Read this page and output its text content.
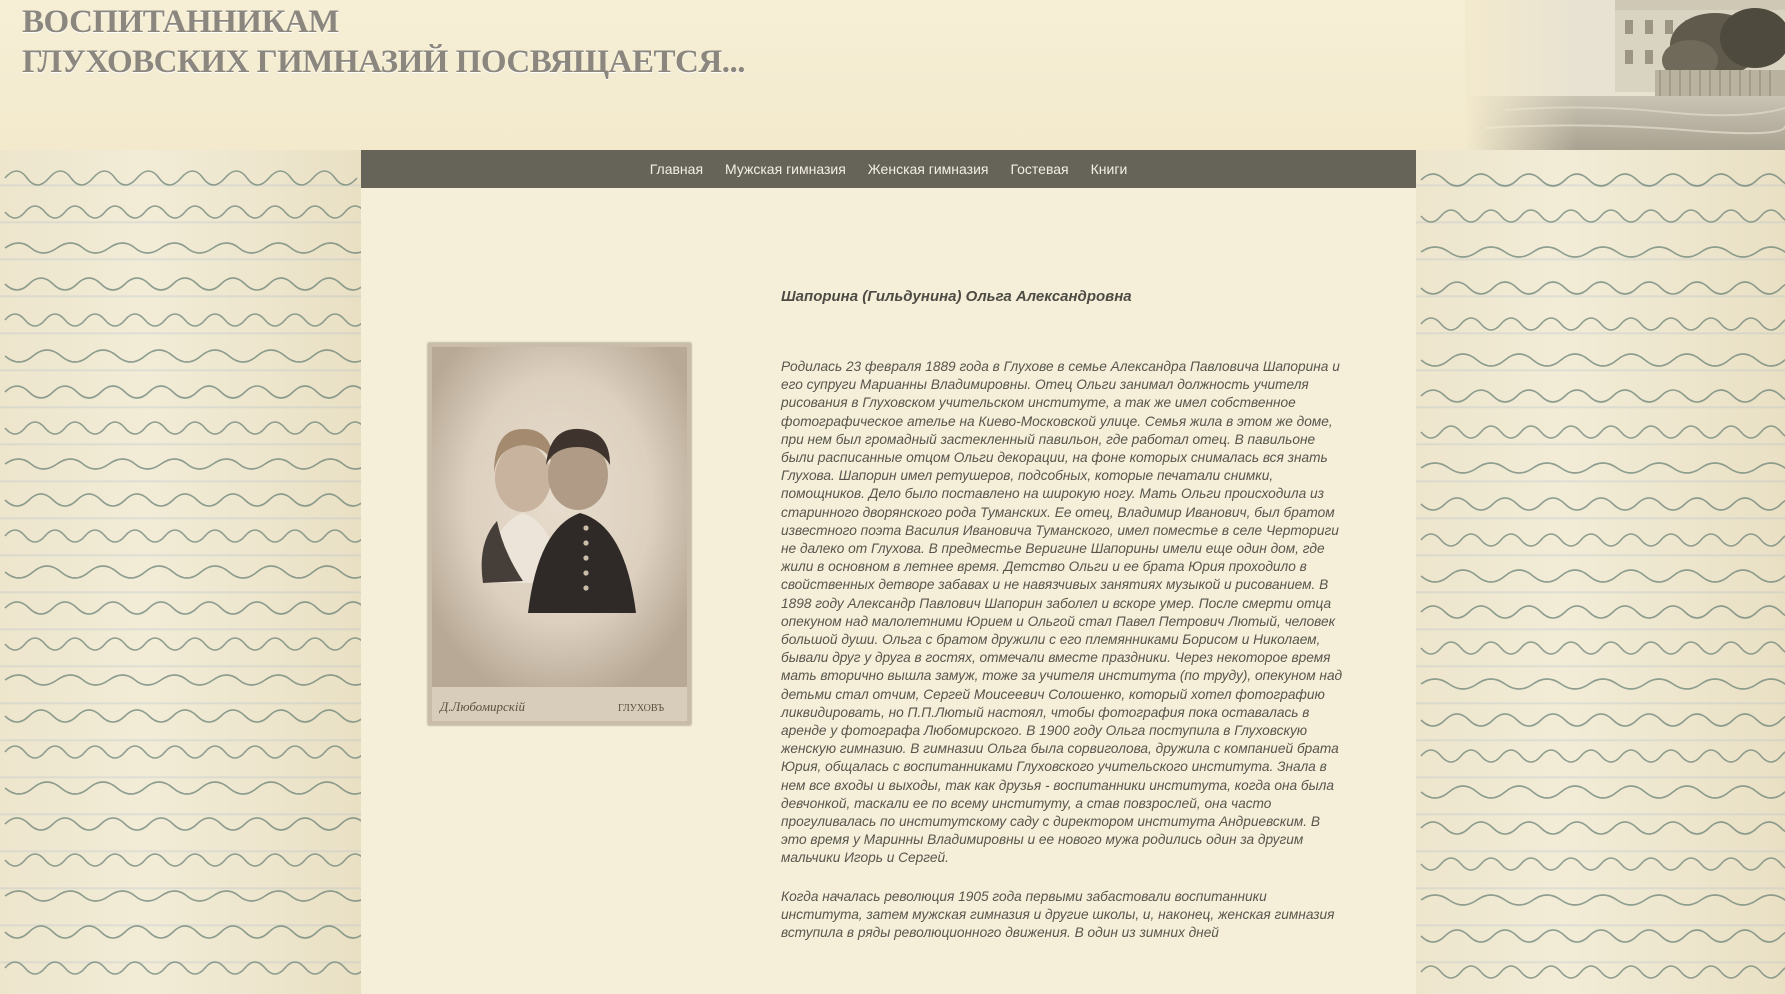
ВОСПИТАННИКАМ
ГЛУХОВСКИХ ГИМНАЗИЙ ПОСВЯЩАЕТСЯ...
Главная Мужская гимназия Женская гимназия Гостевая Книги
Д.Любомирскій	ГЛУХОВЪ
Шапорина (Гильдунина) Ольга Александровна

Родилась 23 февраля 1889 года в Глухове в семье Александра Павловича Шапорина и его супруги Марианны Владимировны. Отец Ольги занимал должность учителя рисования в Глуховском учительском институте, а так же имел собственное фотографическое ателье на Киево-Московской улице. Семья жила в этом же доме, при нем был громадный застекленный павильон, где работал отец. В павильоне были расписанные отцом Ольги декорации, на фоне которых снималась вся знать Глухова. Шапорин имел ретушеров, подсобных, которые печатали снимки, помощников. Дело было поставлено на широкую ногу. Мать Ольги происходила из старинного дворянского рода Туманских. Ее отец, Владимир Иванович, был братом известного поэта Василия Ивановича Туманского, имел поместье в селе Черториги не далеко от Глухова. В предместье Веригине Шапорины имели еще один дом, где жили в основном в летнее время. Детство Ольги и ее брата Юрия проходило в свойственных детворе забавах и не навязчивых занятиях музыкой и рисованием. В 1898 году Александр Павлович Шапорин заболел и вскоре умер. После смерти отца опекуном над малолетними Юрием и Ольгой стал Павел Петрович Лютый, человек большой души. Ольга с братом дружили с его племянниками Борисом и Николаем, бывали друг у друга в гостях, отмечали вместе праздники. Через некоторое время мать вторично вышла замуж, тоже за учителя института (по труду), опекуном над детьми стал отчим, Сергей Моисеевич Солошенко, который хотел фотографию ликвидировать, но П.П.Лютый настоял, чтобы фотография пока оставалась в аренде у фотографа Любомирского. В 1900 году Ольга поступила в Глуховскую женскую гимназию. В гимназии Ольга была сорвиголова, дружила с компанией брата Юрия, общалась с воспитанниками Глуховского учительского института. Знала в нем все входы и выходы, так как друзья - воспитанники института, когда она была девчонкой, таскали ее по всему институту, а став повзрослей, она часто прогуливалась по институтскому саду с директором института Андриевским. В это время у Маринны Владимировны и ее нового мужа родились один за другим мальчики Игорь и Сергей.

Когда началась революция 1905 года первыми забастовали воспитанники института, затем мужская гимназия и другие школы, и, наконец, женская гимназия вступила в ряды революционного движения. В один из зимних дней
